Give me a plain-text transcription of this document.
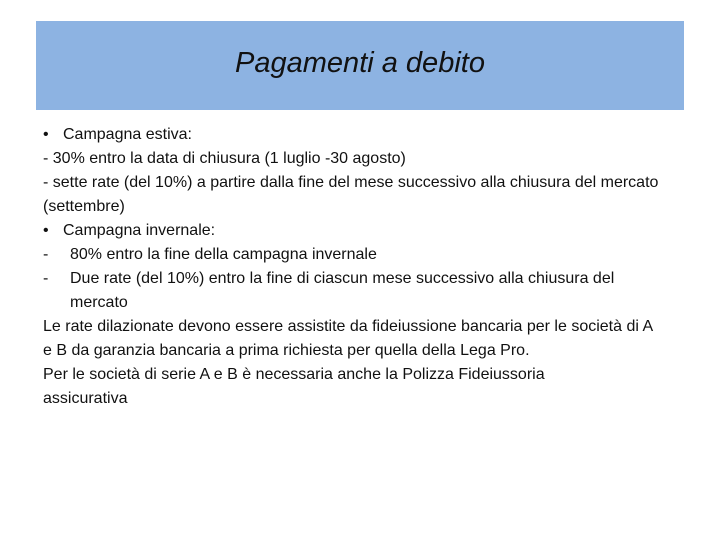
Pagamenti a debito
• Campagna estiva:
- 30% entro la data di chiusura (1 luglio -30 agosto)
- sette rate (del 10%) a partire dalla fine del mese successivo alla chiusura del mercato (settembre)
• Campagna invernale:
-	80% entro la fine della campagna invernale
-	Due rate (del 10%) entro la fine di ciascun mese successivo alla chiusura del mercato
Le rate dilazionate devono essere assistite da fideiussione bancaria per le società di A e B da garanzia bancaria a prima richiesta per quella della Lega Pro.
Per le società di serie A e B è necessaria anche la Polizza Fideiussoria assicurativa
